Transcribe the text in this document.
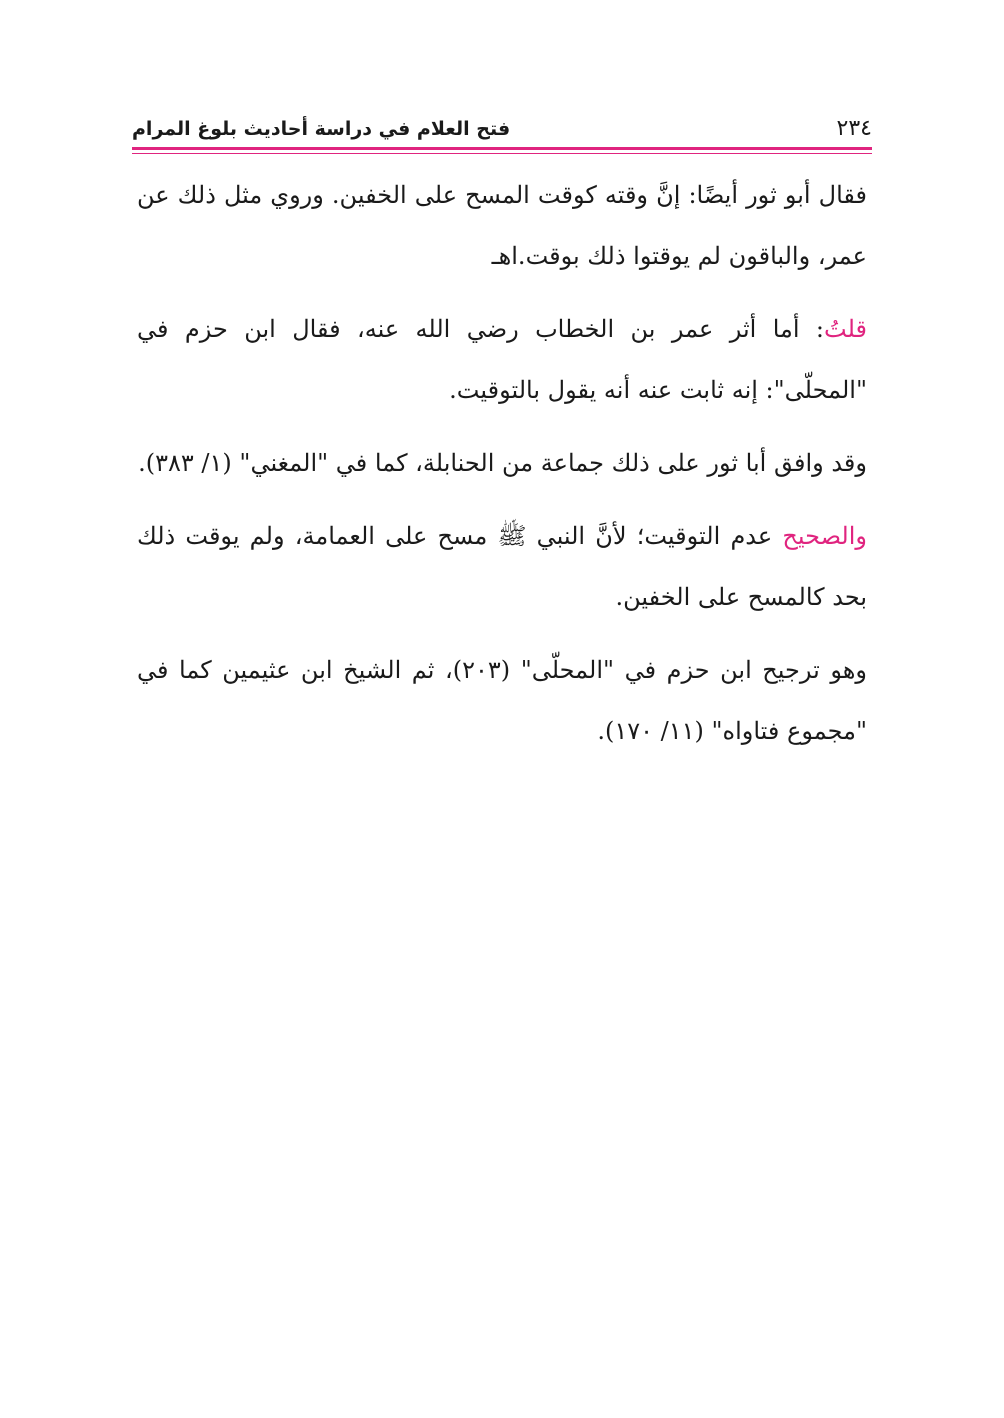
٢٣٤
فتح العلام في دراسة أحاديث بلوغ المرام

فقال أبو ثور أيضًا: إنَّ وقته كوقت المسح على الخفين. وروي مثل ذلك عن عمر، والباقون لم يوقتوا ذلك بوقت.اهـ

قلتُ: أما أثر عمر بن الخطاب رضي الله عنه، فقال ابن حزم في "المحلّى": إنه ثابت عنه أنه يقول بالتوقيت.

وقد وافق أبا ثور على ذلك جماعة من الحنابلة، كما في "المغني" (١/ ٣٨٣).

والصحيح عدم التوقيت؛ لأنَّ النبي ﷺ مسح على العمامة، ولم يوقت ذلك بحد كالمسح على الخفين.

وهو ترجيح ابن حزم في "المحلّى" (٢٠٣)، ثم الشيخ ابن عثيمين كما في "مجموع فتاواه" (١١/ ١٧٠).
